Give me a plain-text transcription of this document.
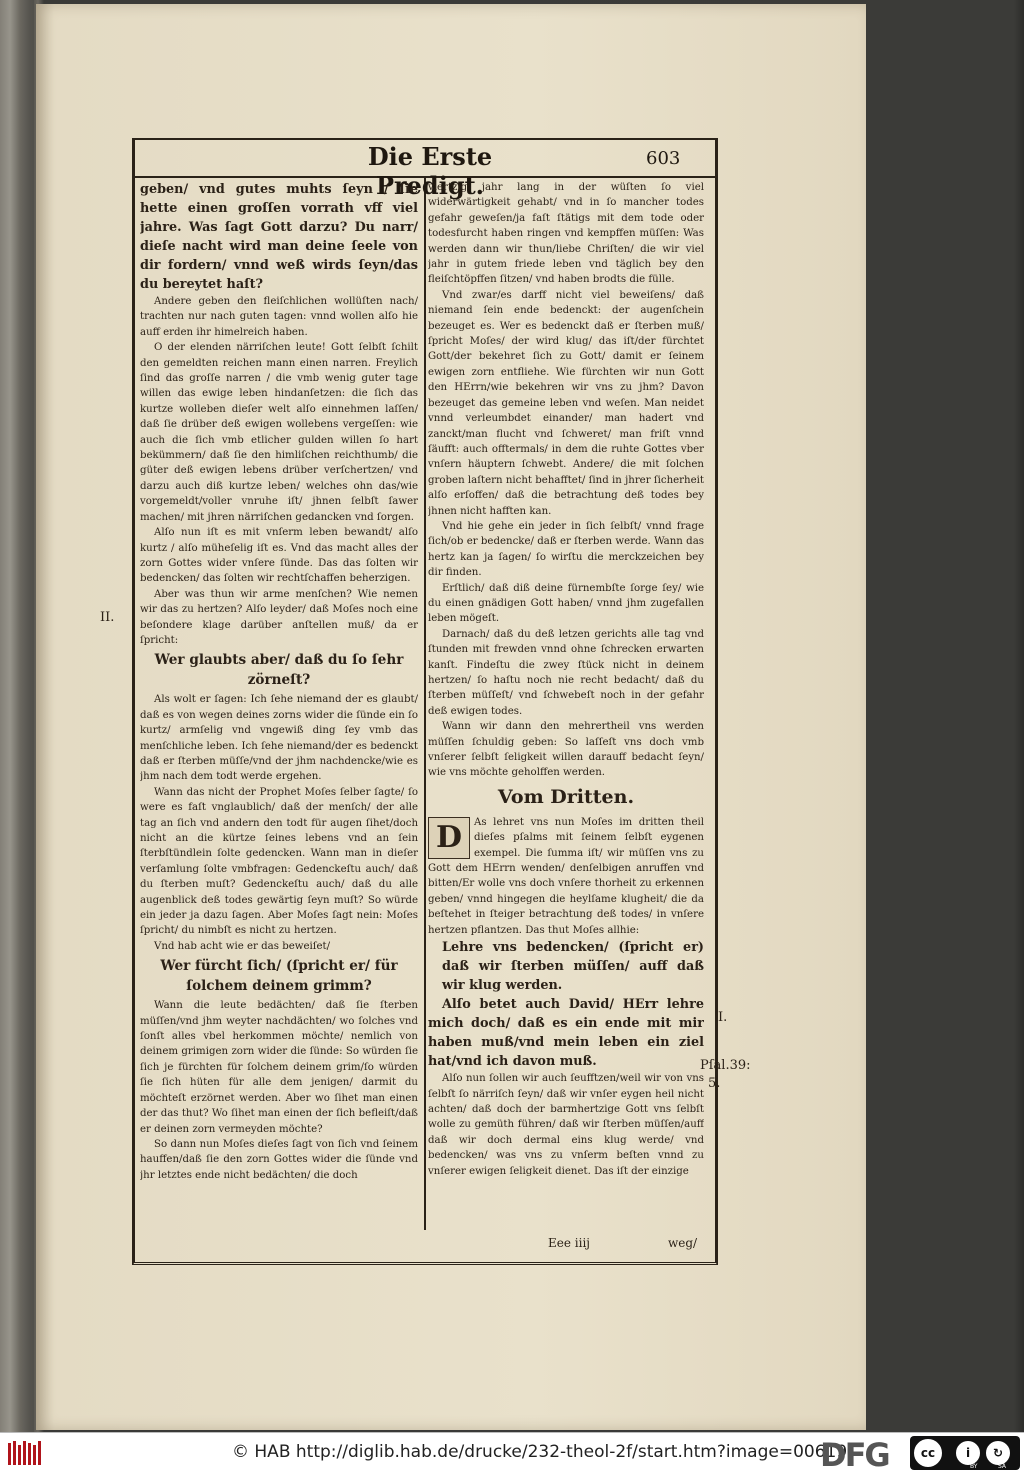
Die Erste Predigt.
603

geben/ vnd gutes muhts ſeyn / ſie hette einen groſſen vorrath vff viel jahre. Was ſagt Gott darzu? Du narr/ dieſe nacht wird man deine ſeele von dir fordern/ vnnd weß wirds ſeyn/das du bereytet haſt?

Andere geben den fleiſchlichen wollüſten nach/ trachten nur nach guten tagen: vnnd wollen alſo hie auff erden ihr himelreich haben.

O der elenden närriſchen leute! Gott ſelbſt ſchilt den gemeldten reichen mann einen narren. Freylich ſind das groſſe narren / die vmb wenig guter tage willen das ewige leben hindanſetzen: die ſich das kurtze wolleben dieſer welt alſo einnehmen laſſen/ daß ſie drüber deß ewigen wollebens vergeſſen: wie auch die ſich vmb etlicher gulden willen ſo hart bekümmern/ daß ſie den himliſchen reichthumb/ die güter deß ewigen lebens drüber verſchertzen/ vnd darzu auch diß kurtze leben/ welches ohn das/wie vorgemeldt/voller vnruhe iſt/ jhnen ſelbſt ſawer machen/ mit jhren närriſchen gedancken vnd ſorgen.

Alſo nun iſt es mit vnſerm leben bewandt/ alſo kurtz / alſo müheſelig iſt es. Vnd das macht alles der zorn Gottes wider vnſere ſünde. Das das ſolten wir bedencken/ das ſolten wir rechtſchaffen beherzigen.

Aber was thun wir arme menſchen? Wie nemen wir das zu hertzen? Alſo leyder/ daß Moſes noch eine beſondere klage darüber anſtellen muß/ da er ſpricht:

Wer glaubts aber/ daß du ſo ſehr zörneſt?

Als wolt er ſagen: Ich ſehe niemand der es glaubt/ daß es von wegen deines zorns wider die ſünde ein ſo kurtz/ armſelig vnd vngewiß ding ſey vmb das menſchliche leben. Ich ſehe niemand/der es bedenckt daß er ſterben müſſe/vnd der jhm nachdencke/wie es jhm nach dem todt werde ergehen.

Wann das nicht der Prophet Moſes ſelber ſagte/ ſo were es faſt vnglaublich/ daß der menſch/ der alle tag an ſich vnd andern den todt für augen ſihet/doch nicht an die kürtze ſeines lebens vnd an ſein ſterbſtündlein ſolte gedencken. Wann man in dieſer verſamlung ſolte vmbfragen: Gedenckeſtu auch/ daß du ſterben muſt? Gedenckeſtu auch/ daß du alle augenblick deß todes gewärtig ſeyn muſt? So würde ein jeder ja dazu ſagen. Aber Moſes ſagt nein: Moſes ſpricht/ du nimbſt es nicht zu hertzen.

Vnd hab acht wie er das beweiſet/

Wer fürcht ſich/ (ſpricht er/ für ſolchem deinem grimm?

Wann die leute bedächten/ daß ſie ſterben müſſen/vnd jhm weyter nachdächten/ wo ſolches vnd ſonſt alles vbel herkommen möchte/ nemlich von deinem grimigen zorn wider die ſünde: So würden ſie ſich je fürchten für ſolchem deinem grim/ſo würden ſie ſich hüten für alle dem jenigen/ darmit du möchteſt erzörnet werden. Aber wo ſihet man einen der das thut? Wo ſihet man einen der ſich befleiſt/daß er deinen zorn vermeyden möchte?

So dann nun Moſes dieſes ſagt von ſich vnd ſeinem hauffen/daß ſie den zorn Gottes wider die ſünde vnd jhr letztes ende nicht bedächten/ die doch

viertzig jahr lang in der wüſten ſo viel widerwärtigkeit gehabt/ vnd in ſo mancher todes gefahr geweſen/ja faſt ſtätigs mit dem tode oder todesfurcht haben ringen vnd kempffen müſſen: Was werden dann wir thun/liebe Chriſten/ die wir viel jahr in gutem friede leben vnd täglich bey den fleiſchtöpffen ſitzen/ vnd haben brodts die fülle.

Vnd zwar/es darff nicht viel beweiſens/ daß niemand ſein ende bedenckt: der augenſchein bezeuget es. Wer es bedenckt daß er ſterben muß/ ſpricht Moſes/ der wird klug/ das iſt/der fürchtet Gott/der bekehret ſich zu Gott/ damit er ſeinem ewigen zorn entfliehe. Wie fürchten wir nun Gott den HErrn/wie bekehren wir vns zu jhm? Davon bezeuget das gemeine leben vnd weſen. Man neidet vnnd verleumbdet einander/ man hadert vnd zanckt/man flucht vnd ſchweret/ man friſt vnnd ſäufft: auch offtermals/ in dem die ruhte Gottes vber vnſern häuptern ſchwebt. Andere/ die mit ſolchen groben laſtern nicht behafftet/ ſind in jhrer ſicherheit alſo erſoffen/ daß die betrachtung deß todes bey jhnen nicht hafften kan.

Vnd hie gehe ein jeder in ſich ſelbſt/ vnnd frage ſich/ob er bedencke/ daß er ſterben werde. Wann das hertz kan ja ſagen/ ſo wirſtu die merckzeichen bey dir finden.

Erſtlich/ daß diß deine fürnembſte ſorge ſey/ wie du einen gnädigen Gott haben/ vnnd jhm zugefallen leben mögeſt.

Darnach/ daß du deß letzen gerichts alle tag vnd ſtunden mit frewden vnnd ohne ſchrecken erwarten kanſt. Findeſtu die zwey ſtück nicht in deinem hertzen/ ſo haſtu noch nie recht bedacht/ daß du ſterben müſſeſt/ vnd ſchwebeſt noch in der gefahr deß ewigen todes.

Wann wir dann den mehrertheil vns werden müſſen ſchuldig geben: So laſſeſt vns doch vmb vnſerer ſelbſt ſeligkeit willen darauff bedacht ſeyn/ wie vns möchte geholffen werden.

Vom Dritten.

D	As lehret vns nun Moſes im dritten theil dieſes pſalms mit ſeinem ſelbſt eygenen exempel. Die ſumma iſt/ wir müſſen vns zu Gott dem HErrn wenden/ denſelbigen anruffen vnd bitten/Er wolle vns doch vnſere thorheit zu erkennen geben/ vnnd hingegen die heylſame klugheit/ die da beſtehet in ſteiger betrachtung deß todes/ in vnſere hertzen pflantzen. Das thut Moſes allhie:

Lehre vns bedencken/ (ſpricht er) daß wir ſterben müſſen/ auff daß wir klug werden.

Alſo betet auch David/ HErr lehre mich doch/ daß es ein ende mit mir haben muß/vnd mein leben ein ziel hat/vnd ich davon muß.

Alſo nun ſollen wir auch ſeufftzen/weil wir von vns ſelbſt ſo närriſch ſeyn/ daß wir vnſer eygen heil nicht achten/ daß doch der barmhertzige Gott vns ſelbſt wolle zu gemüth führen/ daß wir ſterben müſſen/auff daß wir doch dermal eins klug werde/ vnd bedencken/ was vns zu vnſerm beſten vnnd zu vnſerer ewigen ſeligkeit dienet. Das iſt der einzige

II.
I.
Pſal.39:
5.
Eee iiij	weg/
© HAB http://diglib.hab.de/drucke/232-theol-2f/start.htm?image=00619
DFG	cc	i	↻
BY	SA
